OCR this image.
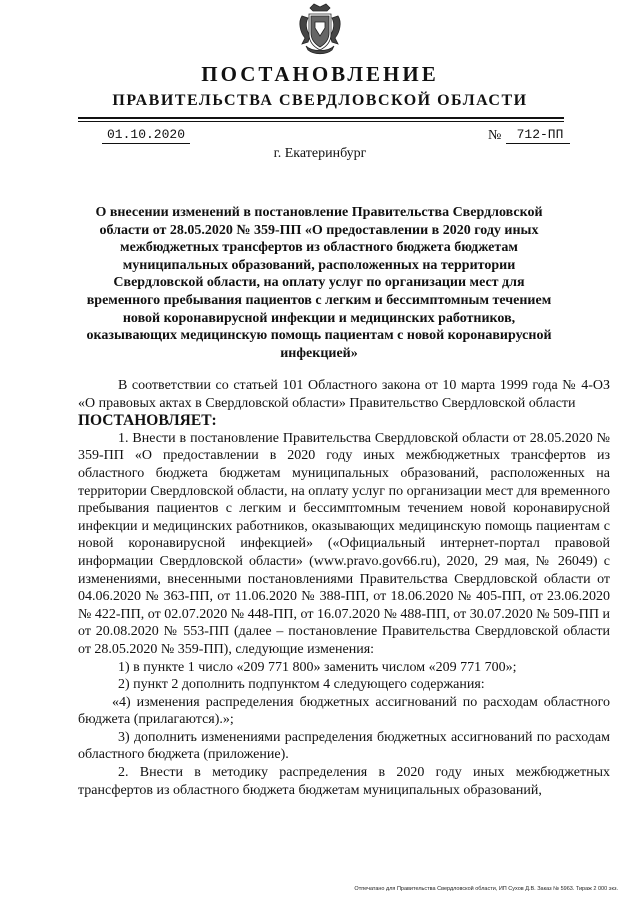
ПОСТАНОВЛЕНИЕ
ПРАВИТЕЛЬСТВА СВЕРДЛОВСКОЙ ОБЛАСТИ
01.10.2020	№	712-ПП
г. Екатеринбург
О внесении изменений в постановление Правительства Свердловской области от 28.05.2020 № 359-ПП «О предоставлении в 2020 году иных межбюджетных трансфертов из областного бюджета бюджетам муниципальных образований, расположенных на территории Свердловской области, на оплату услуг по организации мест для временного пребывания пациентов с легким и бессимптомным течением новой коронавирусной инфекции и медицинских работников, оказывающих медицинскую помощь пациентам с новой коронавирусной инфекцией»

В соответствии со статьей 101 Областного закона от 10 марта 1999 года № 4-ОЗ «О правовых актах в Свердловской области» Правительство Свердловской области

ПОСТАНОВЛЯЕТ:

1. Внести в постановление Правительства Свердловской области от 28.05.2020 № 359-ПП «О предоставлении в 2020 году иных межбюджетных трансфертов из областного бюджета бюджетам муниципальных образований, расположенных на территории Свердловской области, на оплату услуг по организации мест для временного пребывания пациентов с легким и бессимптомным течением новой коронавирусной инфекции и медицинских работников, оказывающих медицинскую помощь пациентам с новой коронавирусной инфекцией» («Официальный интернет-портал правовой информации Свердловской области» (www.pravo.gov66.ru), 2020, 29 мая, № 26049) с изменениями, внесенными постановлениями Правительства Свердловской области от 04.06.2020 № 363-ПП, от 11.06.2020 № 388-ПП, от 18.06.2020 № 405-ПП, от 23.06.2020 № 422-ПП, от 02.07.2020 № 448-ПП, от 16.07.2020 № 488-ПП, от 30.07.2020 № 509-ПП и от 20.08.2020 № 553-ПП (далее – постановление Правительства Свердловской области от 28.05.2020 № 359-ПП), следующие изменения:

1) в пункте 1 число «209 771 800» заменить числом «209 771 700»;

2) пункт 2 дополнить подпунктом 4 следующего содержания:

«4) изменения распределения бюджетных ассигнований по расходам областного бюджета (прилагаются).»;

3) дополнить изменениями распределения бюджетных ассигнований по расходам областного бюджета (приложение).

2. Внести в методику распределения в 2020 году иных межбюджетных трансфертов из областного бюджета бюджетам муниципальных образований,

Отпечатано для Правительства Свердловской области, ИП Сухов Д.В. Заказ № 5963. Тираж 2 000 экз.
